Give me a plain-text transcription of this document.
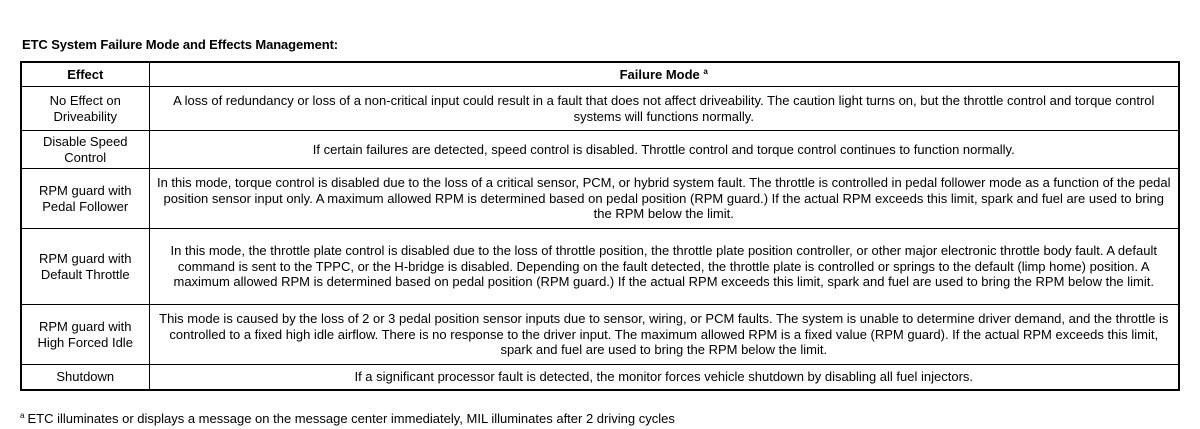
ETC System Failure Mode and Effects Management:
Effect	Failure Mode $^a$
No Effect on Driveability	A loss of redundancy or loss of a non-critical input could result in a fault that does not affect driveability. The caution light turns on, but the throttle control and torque control systems will functions normally.
Disable Speed Control	If certain failures are detected, speed control is disabled. Throttle control and torque control continues to function normally.
RPM guard with Pedal Follower	In this mode, torque control is disabled due to the loss of a critical sensor, PCM, or hybrid system fault. The throttle is controlled in pedal follower mode as a function of the pedal position sensor input only. A maximum allowed RPM is determined based on pedal position (RPM guard.) If the actual RPM exceeds this limit, spark and fuel are used to bring the RPM below the limit.
RPM guard with Default Throttle	In this mode, the throttle plate control is disabled due to the loss of throttle position, the throttle plate position controller, or other major electronic throttle body fault. A default command is sent to the TPPC, or the H-bridge is disabled. Depending on the fault detected, the throttle plate is controlled or springs to the default (limp home) position. A maximum allowed RPM is determined based on pedal position (RPM guard.) If the actual RPM exceeds this limit, spark and fuel are used to bring the RPM below the limit.
RPM guard with High Forced Idle	This mode is caused by the loss of 2 or 3 pedal position sensor inputs due to sensor, wiring, or PCM faults. The system is unable to determine driver demand, and the throttle is controlled to a fixed high idle airflow. There is no response to the driver input. The maximum allowed RPM is a fixed value (RPM guard). If the actual RPM exceeds this limit, spark and fuel are used to bring the RPM below the limit.
Shutdown	If a significant processor fault is detected, the monitor forces vehicle shutdown by disabling all fuel injectors.
$^a$ ETC illuminates or displays a message on the message center immediately, MIL illuminates after 2 driving cycles
